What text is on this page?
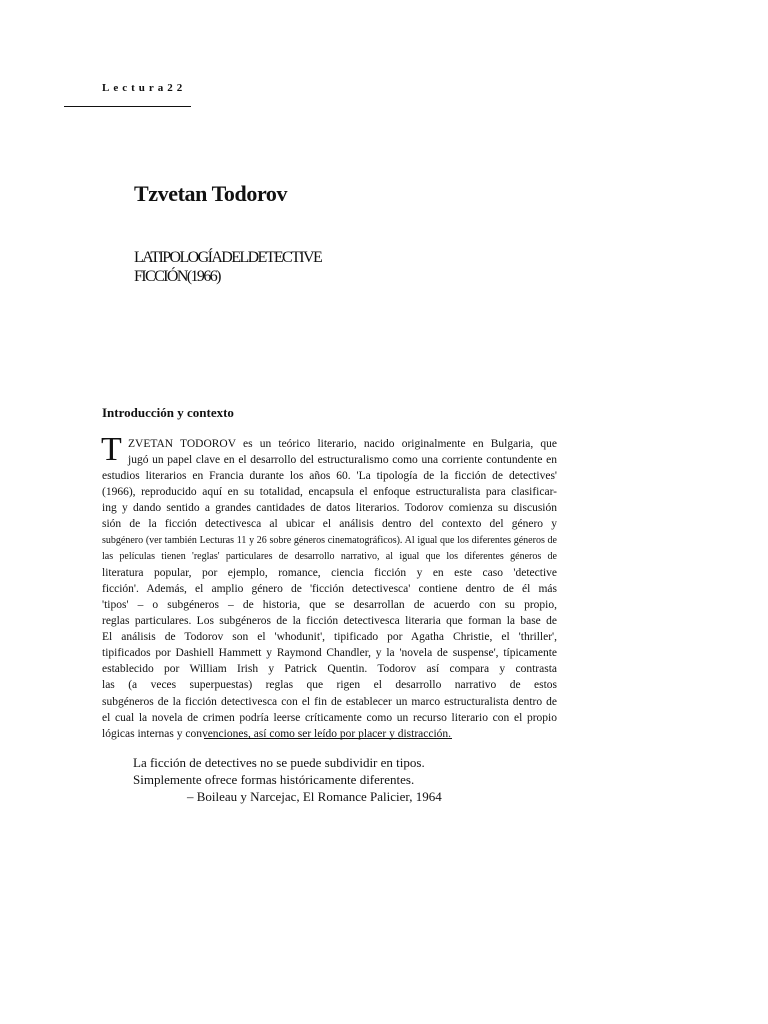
Lectura22
Tzvetan Todorov
LATIPOLOGÍADELDETECTIVE
FICCIÓN(1966)
Introducción y contexto
T ZVETAN TODOROV es un teórico literario, nacido originalmente en Bulgaria, que
jugó un papel clave en el desarrollo del estructuralismo como una corriente contundente en
estudios literarios en Francia durante los años 60. 'La tipología de la ficción de detectives'
(1966), reproducido aquí en su totalidad, encapsula el enfoque estructuralista para clasificar-
ing y dando sentido a grandes cantidades de datos literarios. Todorov comienza su discusión
sión de la ficción detectivesca al ubicar el análisis dentro del contexto del género y
subgénero (ver también Lecturas 11 y 26 sobre géneros cinematográficos). Al igual que los diferentes géneros de
las películas tienen 'reglas' particulares de desarrollo narrativo, al igual que los diferentes géneros de
literatura popular, por ejemplo, romance, ciencia ficción y en este caso 'detective
ficción'. Además, el amplio género de 'ficción detectivesca' contiene dentro de él más
'tipos' – o subgéneros – de historia, que se desarrollan de acuerdo con su propio,
reglas particulares. Los subgéneros de la ficción detectivesca literaria que forman la base de
El análisis de Todorov son el 'whodunit', tipificado por Agatha Christie, el 'thriller',
tipificados por Dashiell Hammett y Raymond Chandler, y la 'novela de suspense', típicamente
establecido por William Irish y Patrick Quentin. Todorov así compara y contrasta
las (a veces superpuestas) reglas que rigen el desarrollo narrativo de estos
subgéneros de la ficción detectivesca con el fin de establecer un marco estructuralista dentro de
el cual la novela de crimen podría leerse críticamente como un recurso literario con el propio
lógicas internas y convenciones, así como ser leído por placer y distracción.
La ficción de detectives no se puede subdividir en tipos.
Simplemente ofrece formas históricamente diferentes.
– Boileau y Narcejac, El Romance Palicier, 1964
